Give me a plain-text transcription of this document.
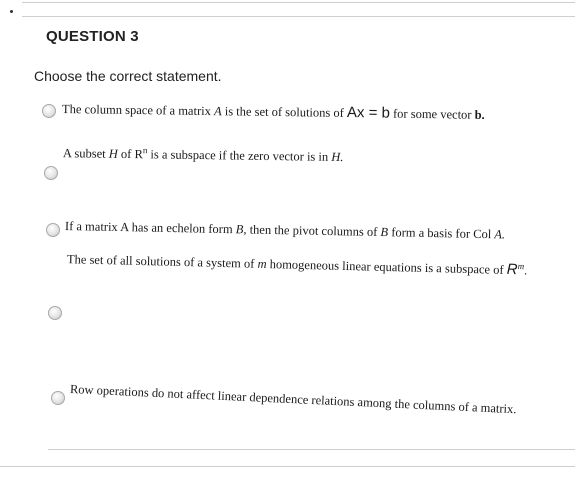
QUESTION 3
Choose the correct statement.
The column space of a matrix A is the set of solutions of Ax = b for some vector b.
A subset H of $R^n$ is a subspace if the zero vector is in H.
If a matrix A has an echelon form B, then the pivot columns of B form a basis for Col A.
The set of all solutions of a system of m homogeneous linear equations is a subspace of $R^m$.
Row operations do not affect linear dependence relations among the columns of a matrix.
